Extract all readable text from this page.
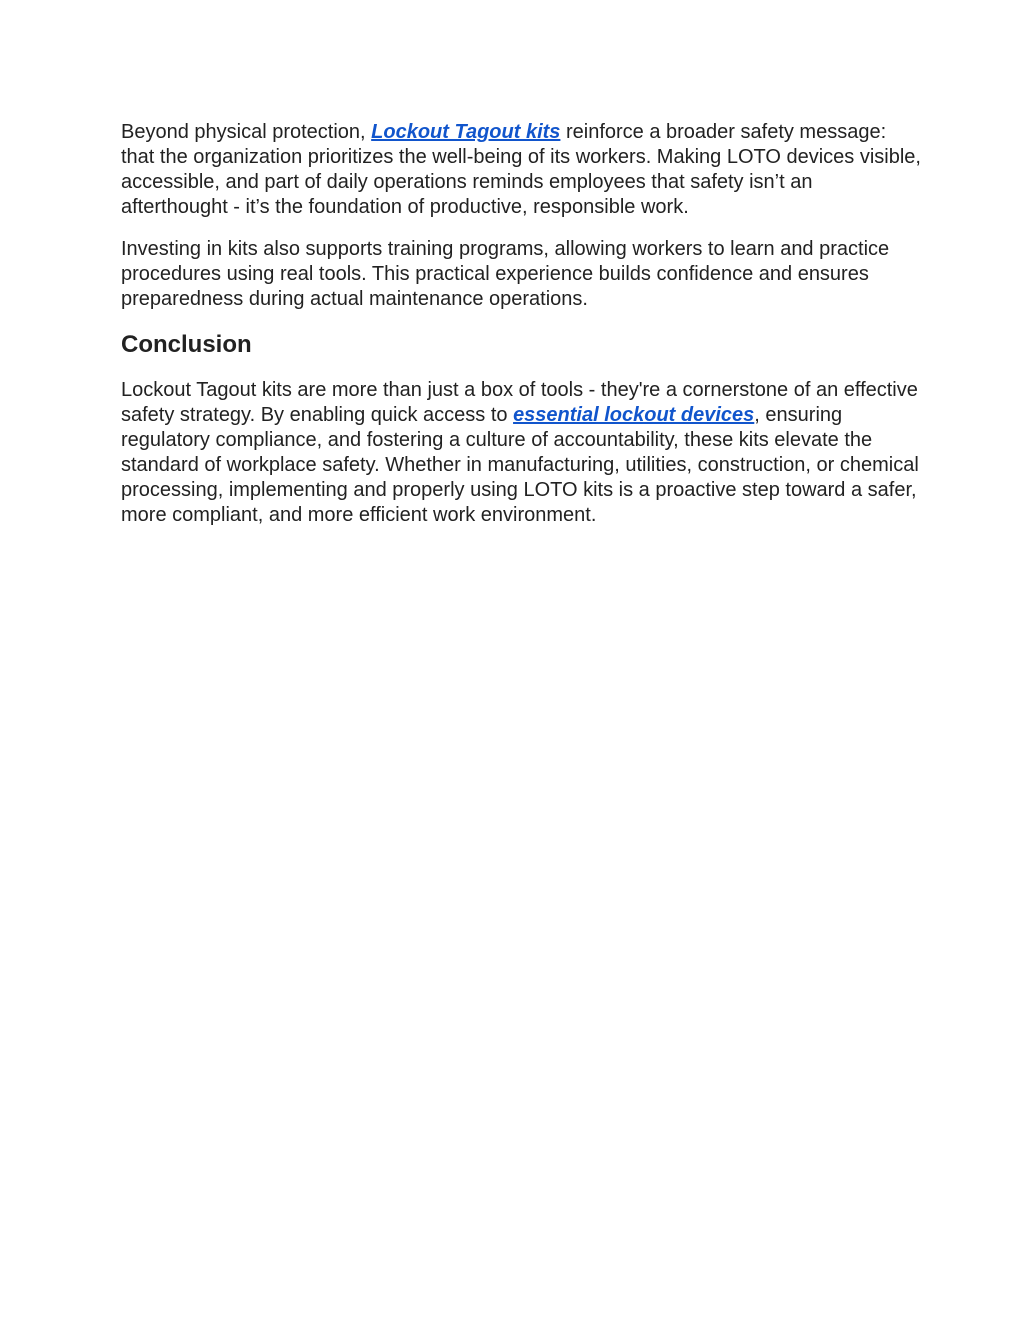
Beyond physical protection, Lockout Tagout kits reinforce a broader safety message: that the organization prioritizes the well-being of its workers. Making LOTO devices visible, accessible, and part of daily operations reminds employees that safety isn’t an afterthought - it’s the foundation of productive, responsible work.

Investing in kits also supports training programs, allowing workers to learn and practice procedures using real tools. This practical experience builds confidence and ensures preparedness during actual maintenance operations.

Conclusion

Lockout Tagout kits are more than just a box of tools - they're a cornerstone of an effective safety strategy. By enabling quick access to essential lockout devices, ensuring regulatory compliance, and fostering a culture of accountability, these kits elevate the standard of workplace safety. Whether in manufacturing, utilities, construction, or chemical processing, implementing and properly using LOTO kits is a proactive step toward a safer, more compliant, and more efficient work environment.
